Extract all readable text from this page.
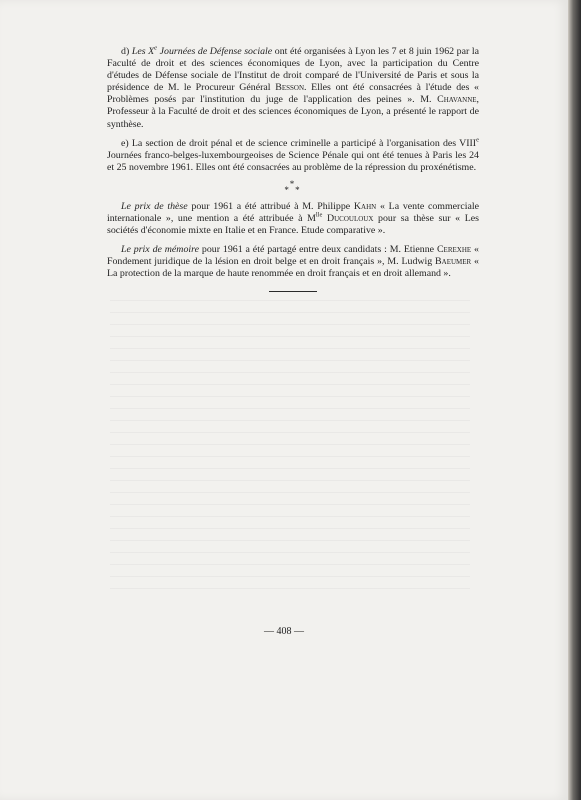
d) Les Xe Journées de Défense sociale ont été organisées à Lyon les 7 et 8 juin 1962 par la Faculté de droit et des sciences économiques de Lyon, avec la participation du Centre d'études de Défense sociale de l'Institut de droit comparé de l'Université de Paris et sous la présidence de M. le Procureur Général Besson. Elles ont été consacrées à l'étude des « Problèmes posés par l'institution du juge de l'application des peines ». M. Chavanne, Professeur à la Faculté de droit et des sciences économiques de Lyon, a présenté le rapport de synthèse.

e) La section de droit pénal et de science criminelle a participé à l'organisation des VIIIe Journées franco-belges-luxembourgeoises de Science Pénale qui ont été tenues à Paris les 24 et 25 novembre 1961. Elles ont été consacrées au problème de la répression du proxénétisme.

*
* *

Le prix de thèse pour 1961 a été attribué à M. Philippe Kahn « La vente commerciale internationale », une mention a été attribuée à $M^{lle}$ Ducouloux pour sa thèse sur « Les sociétés d'économie mixte en Italie et en France. Etude comparative ».

Le prix de mémoire pour 1961 a été partagé entre deux candidats : M. Etienne Cerexhe « Fondement juridique de la lésion en droit belge et en droit français », M. Ludwig Baeumer « La protection de la marque de haute renommée en droit français et en droit allemand ».

— 408 —
